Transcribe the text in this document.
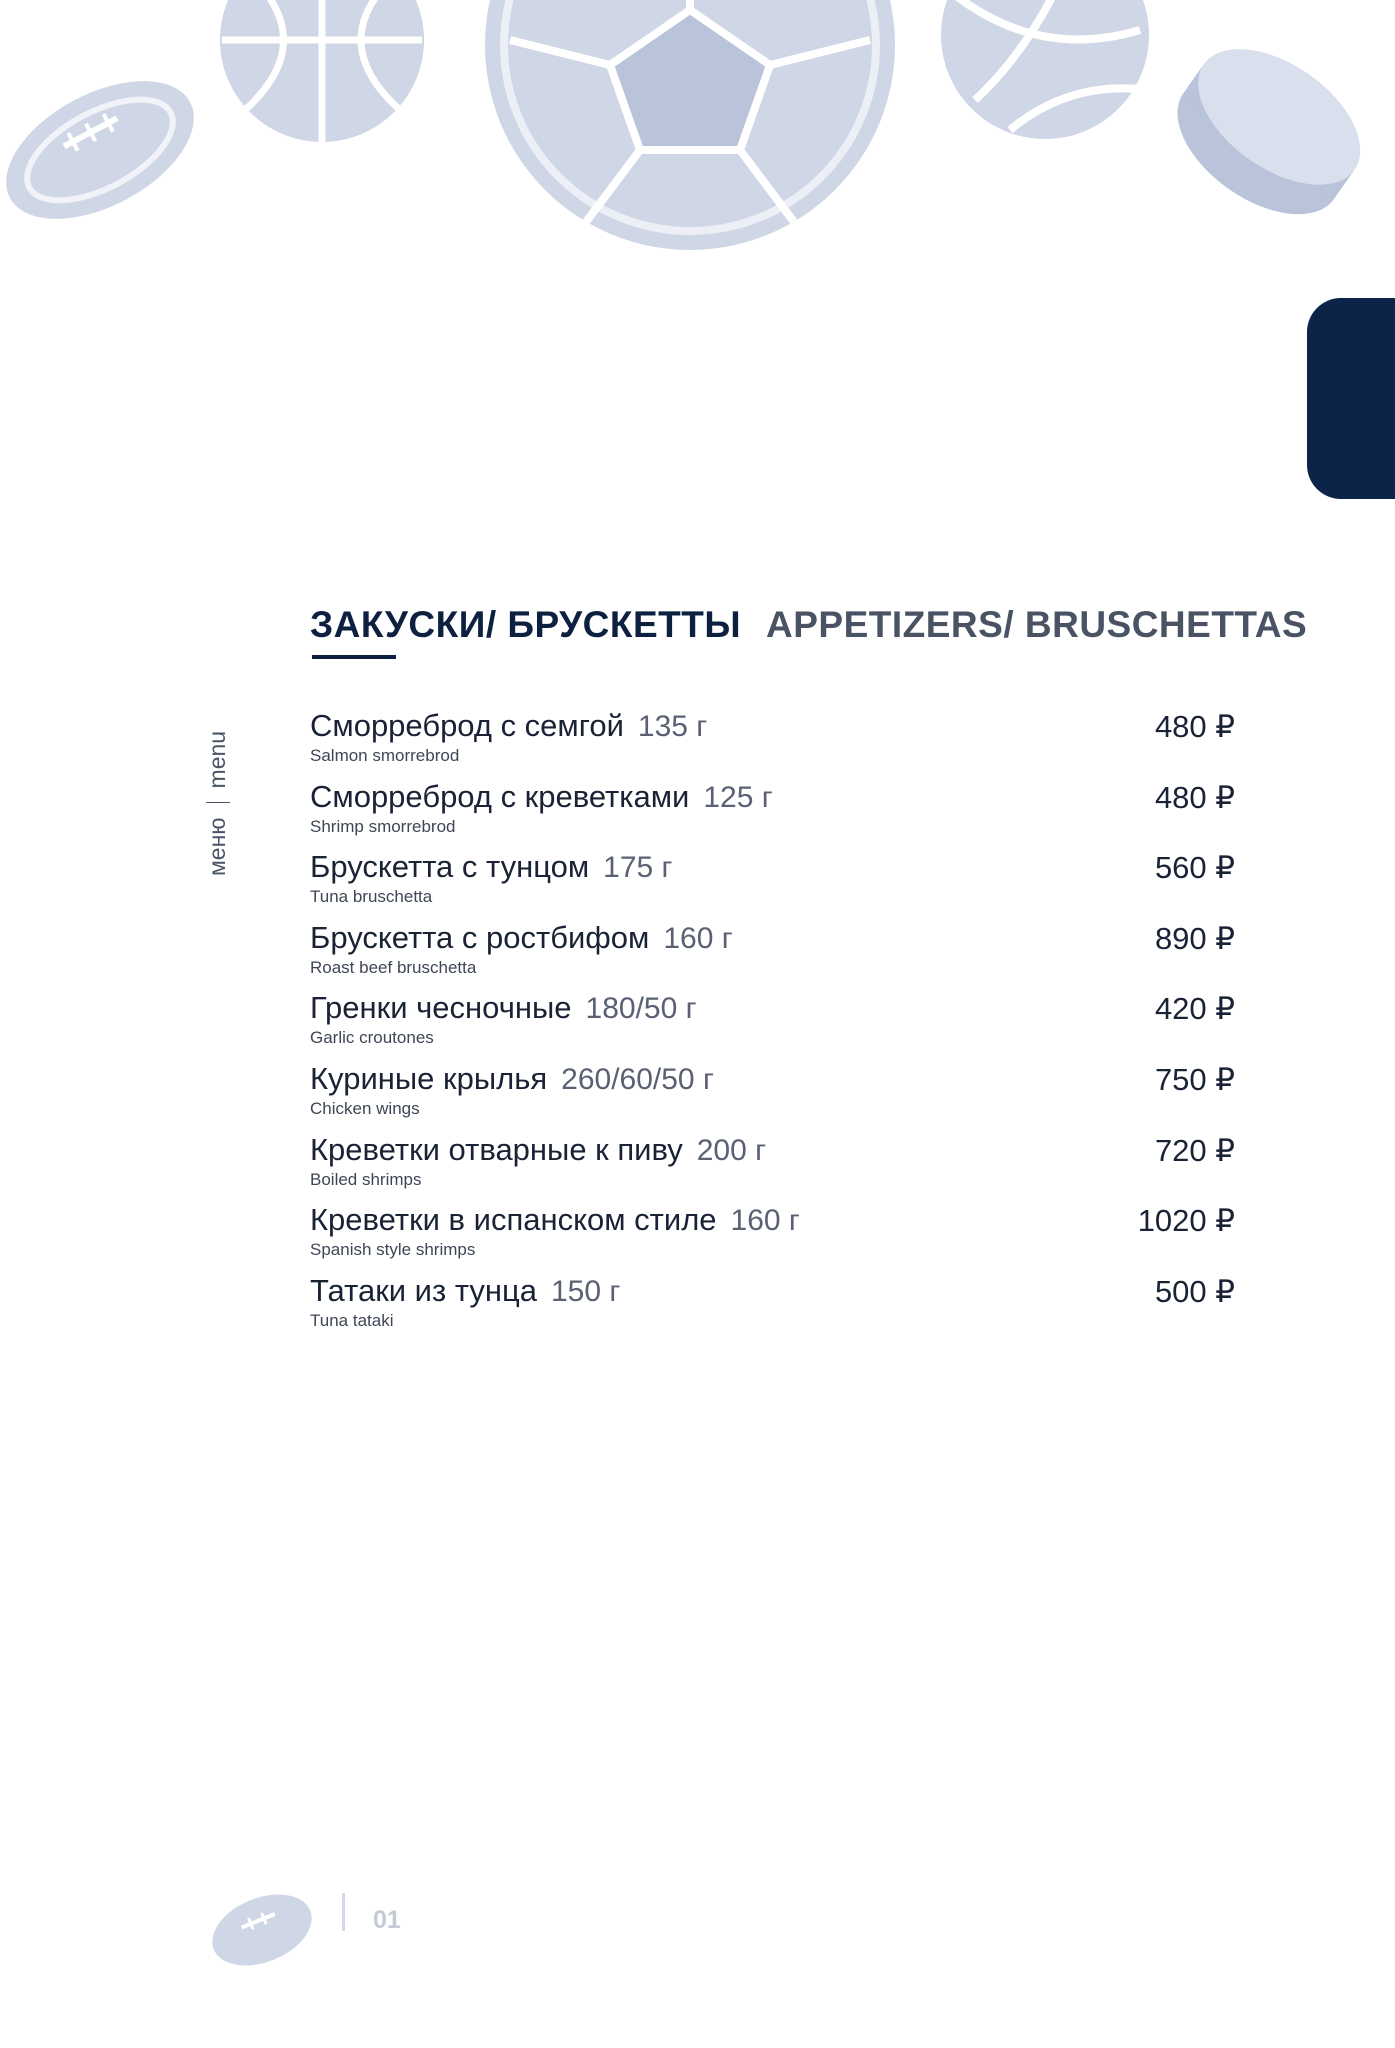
ЗАКУСКИ/ БРУСКЕТТЫ APPETIZERS/ BRUSCHETTAS
меню
menu
Сморреброд с семгой 135 г
Salmon smorrebrod
480 ₽
Сморреброд с креветками 125 г
Shrimp smorrebrod
480 ₽
Брускетта с тунцом 175 г
Tuna bruschetta
560 ₽
Брускетта с ростбифом 160 г
Roast beef bruschetta
890 ₽
Гренки чесночные 180/50 г
Garlic croutones
420 ₽
Куриные крылья 260/60/50 г
Chicken wings
750 ₽
Креветки отварные к пиву 200 г
Boiled shrimps
720 ₽
Креветки в испанском стиле 160 г
Spanish style shrimps
1020 ₽
Татаки из тунца 150 г
Tuna tataki
500 ₽
01
